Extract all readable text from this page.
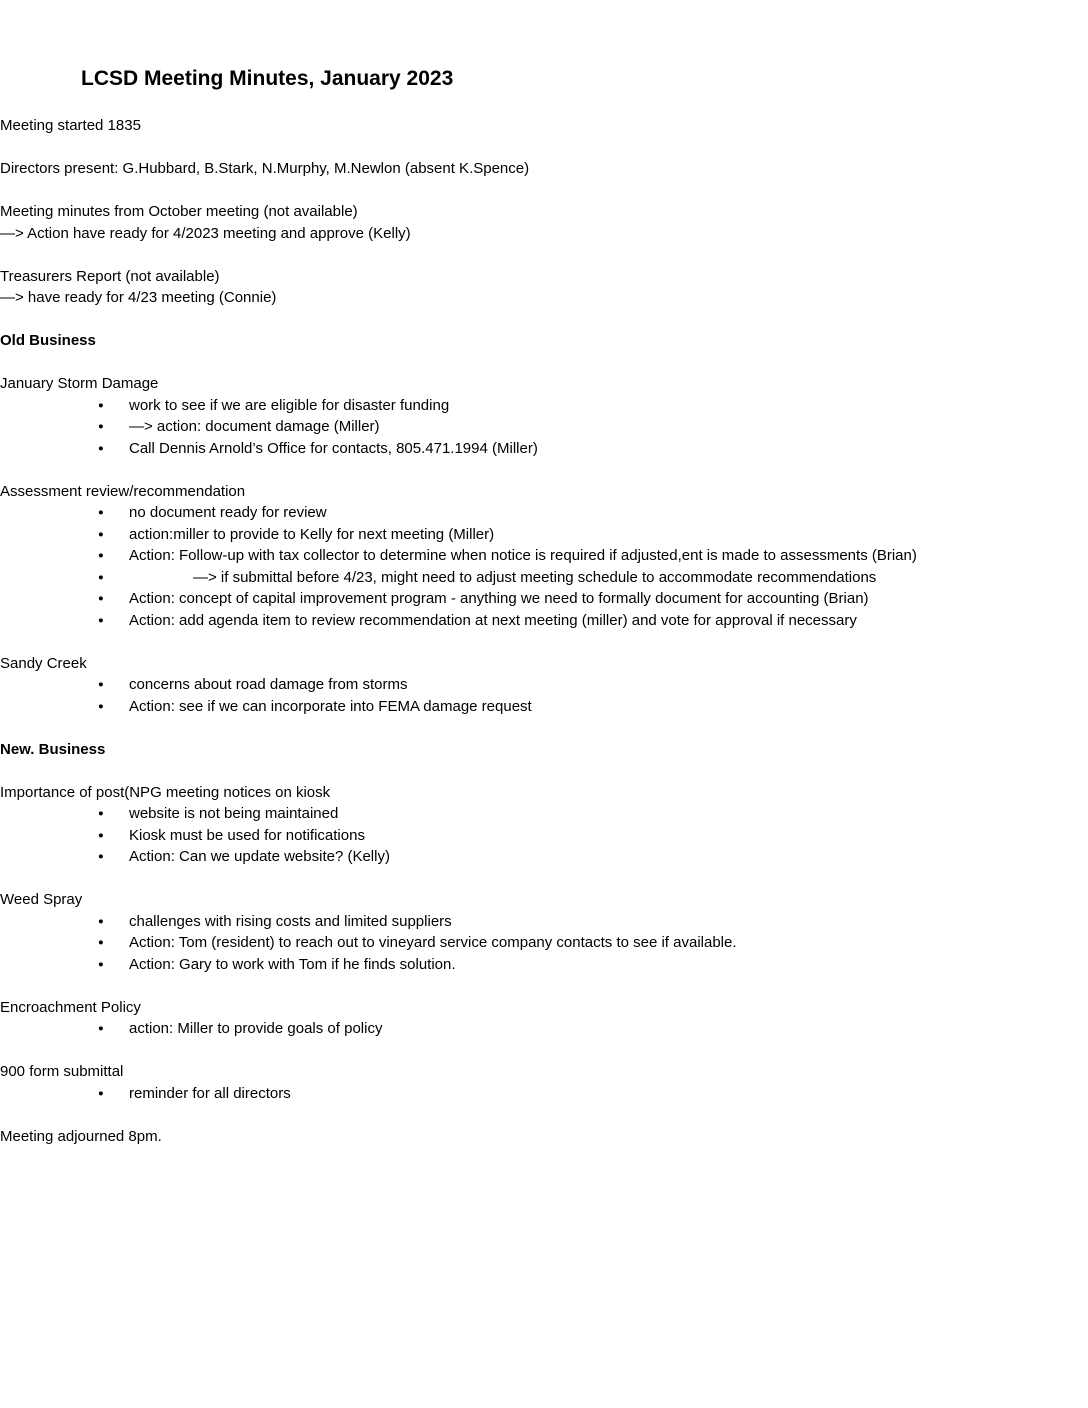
LCSD Meeting Minutes, January 2023

Meeting started 1835

Directors present: G.Hubbard, B.Stark, N.Murphy, M.Newlon (absent K.Spence)

Meeting minutes from October meeting (not available)

—> Action have ready for 4/2023 meeting and approve (Kelly)

Treasurers Report (not available)

—> have ready for 4/23 meeting (Connie)

Old Business

January Storm Damage

● work to see if we are eligible for disaster funding
● —> action: document damage (Miller)
● Call Dennis Arnold’s Office for contacts, 805.471.1994 (Miller)

Assessment review/recommendation

● no document ready for review
● action:miller to provide to Kelly for next meeting (Miller)
● Action: Follow-up with tax collector to determine when notice is required if adjusted,ent is made to assessments (Brian)
● —> if submittal before 4/23, might need to adjust meeting schedule to accommodate recommendations
● Action: concept of capital improvement program - anything we need to formally document for accounting (Brian)
● Action: add agenda item to review recommendation at next meeting (miller) and vote for approval if necessary

Sandy Creek

● concerns about road damage from storms
● Action: see if we can incorporate into FEMA damage request

New. Business

Importance of post(NPG meeting notices on kiosk

● website is not being maintained
● Kiosk must be used for notifications
● Action: Can we update website? (Kelly)

Weed Spray

● challenges with rising costs and limited suppliers
● Action: Tom (resident) to reach out to vineyard service company contacts to see if available.
● Action: Gary to work with Tom if he finds solution.

Encroachment Policy

● action: Miller to provide goals of policy

900 form submittal

● reminder for all directors

Meeting adjourned 8pm.
